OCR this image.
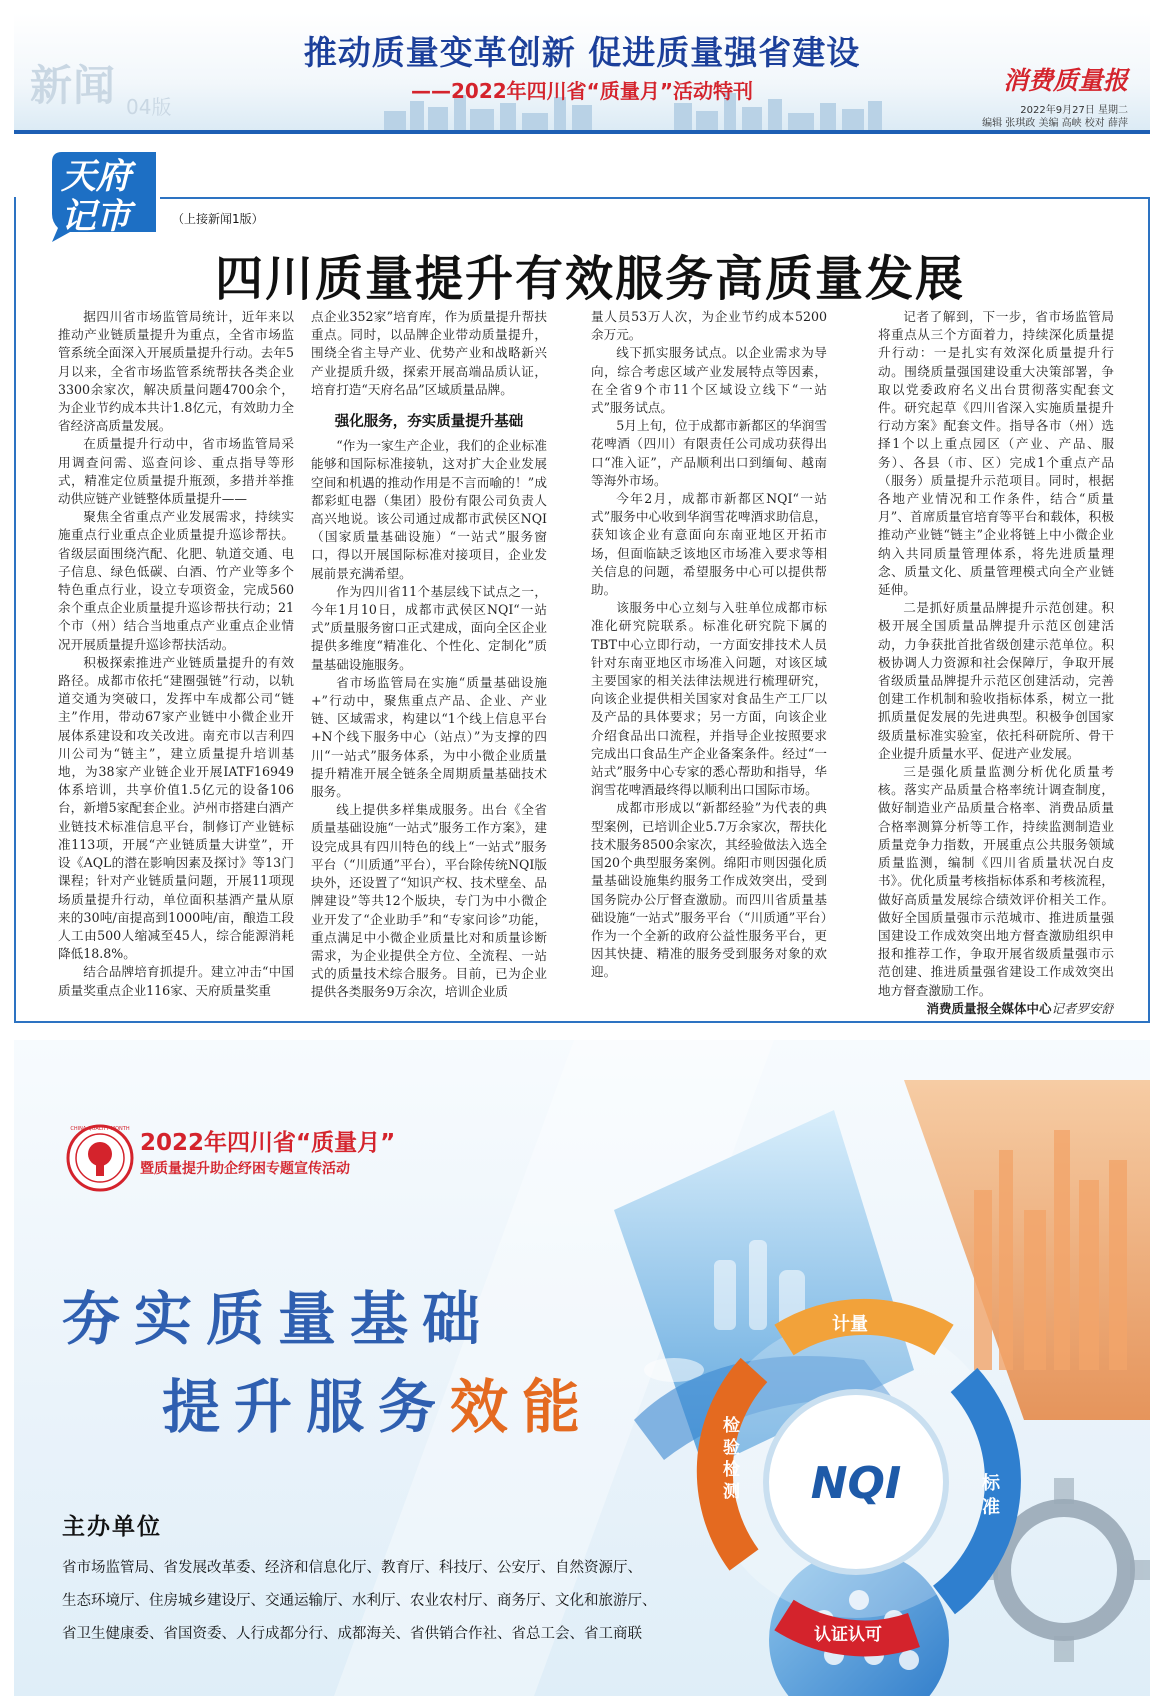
新闻 04版
推动质量变革创新 促进质量强省建设
——2022年四川省“质量月”活动特刊	消费质量报
2022年9月27日 星期二
编辑 张琪政 美编 高峡 校对 薛萍
天府
记市	（上接新闻1版）
四川质量提升有效服务高质量发展

据四川省市场监管局统计，近年来以推动产业链质量提升为重点，全省市场监管系统全面深入开展质量提升行动。去年5月以来，全省市场监管系统帮扶各类企业3300余家次，解决质量问题4700余个，为企业节约成本共计1.8亿元，有效助力全省经济高质量发展。

在质量提升行动中，省市场监管局采用调查问需、巡查问诊、重点指导等形式，精准定位质量提升瓶颈，多措并举推动供应链产业链整体质量提升——

聚焦全省重点产业发展需求，持续实施重点行业重点企业质量提升巡诊帮扶。省级层面围绕汽配、化肥、轨道交通、电子信息、绿色低碳、白酒、竹产业等多个特色重点行业，设立专项资金，完成560余个重点企业质量提升巡诊帮扶行动；21个市（州）结合当地重点产业重点企业情况开展质量提升巡诊帮扶活动。

积极探索推进产业链质量提升的有效路径。成都市依托“建圈强链”行动，以轨道交通为突破口，发挥中车成都公司“链主”作用，带动67家产业链中小微企业开展体系建设和攻关改进。南充市以吉利四川公司为“链主”，建立质量提升培训基地，为38家产业链企业开展IATF16949体系培训，共享价值1.5亿元的设备106台，新增5家配套企业。泸州市搭建白酒产业链技术标准信息平台，制修订产业链标准113项，开展“产业链质量大讲堂”，开设《AQL的潜在影响因素及探讨》等13门课程；针对产业链质量问题，开展11项现场质量提升行动，单位面积基酒产量从原来的30吨/亩提高到1000吨/亩，酿造工段人工由500人缩减至45人，综合能源消耗降低18.8%。

结合品牌培育抓提升。建立冲击“中国质量奖重点企业116家、天府质量奖重

点企业352家”培育库，作为质量提升帮扶重点。同时，以品牌企业带动质量提升，围绕全省主导产业、优势产业和战略新兴产业提质升级，探索开展高端品质认证，培育打造“天府名品”区域质量品牌。

强化服务，夯实质量提升基础

“作为一家生产企业，我们的企业标准能够和国际标准接轨，这对扩大企业发展空间和机遇的推动作用是不言而喻的！”成都彩虹电器（集团）股份有限公司负责人高兴地说。该公司通过成都市武侯区NQI（国家质量基础设施）“一站式”服务窗口，得以开展国际标准对接项目，企业发展前景充满希望。

作为四川省11个基层线下试点之一，今年1月10日，成都市武侯区NQI“一站式”质量服务窗口正式建成，面向全区企业提供多维度“精准化、个性化、定制化”质量基础设施服务。

省市场监管局在实施“质量基础设施+”行动中，聚焦重点产品、企业、产业链、区域需求，构建以“1个线上信息平台+N个线下服务中心（站点）”为支撑的四川“一站式”服务体系，为中小微企业质量提升精准开展全链条全周期质量基础技术服务。

线上提供多样集成服务。出台《全省质量基础设施“一站式”服务工作方案》，建设完成具有四川特色的线上“一站式”服务平台（“川质通”平台），平台除传统NQI版块外，还设置了“知识产权、技术壁垒、品牌建设”等共12个版块，专门为中小微企业开发了“企业助手”和“专家问诊”功能，重点满足中小微企业质量比对和质量诊断需求，为企业提供全方位、全流程、一站式的质量技术综合服务。目前，已为企业提供各类服务9万余次，培训企业质

量人员53万人次，为企业节约成本5200余万元。

线下抓实服务试点。以企业需求为导向，综合考虑区域产业发展特点等因素，在全省9个市11个区域设立线下“一站式”服务试点。

5月上旬，位于成都市新都区的华润雪花啤酒（四川）有限责任公司成功获得出口“准入证”，产品顺利出口到缅甸、越南等海外市场。

今年2月，成都市新都区NQI“一站式”服务中心收到华润雪花啤酒求助信息，获知该企业有意面向东南亚地区开拓市场，但面临缺乏该地区市场准入要求等相关信息的问题，希望服务中心可以提供帮助。

该服务中心立刻与入驻单位成都市标准化研究院联系。标准化研究院下属的TBT中心立即行动，一方面安排技术人员针对东南亚地区市场准入问题，对该区域主要国家的相关法律法规进行梳理研究，向该企业提供相关国家对食品生产工厂以及产品的具体要求；另一方面，向该企业介绍食品出口流程，并指导企业按照要求完成出口食品生产企业备案条件。经过“一站式”服务中心专家的悉心帮助和指导，华润雪花啤酒最终得以顺利出口国际市场。

成都市形成以“新都经验”为代表的典型案例，已培训企业5.7万余家次，帮扶化技术服务8500余家次，其经验做法入选全国20个典型服务案例。绵阳市则因强化质量基础设施集约服务工作成效突出，受到国务院办公厅督查激励。而四川省质量基础设施“一站式”服务平台（“川质通”平台）作为一个全新的政府公益性服务平台，更因其快捷、精准的服务受到服务对象的欢迎。

记者了解到，下一步，省市场监管局将重点从三个方面着力，持续深化质量提升行动：一是扎实有效深化质量提升行动。围绕质量强国建设重大决策部署，争取以党委政府名义出台贯彻落实配套文件。研究起草《四川省深入实施质量提升行动方案》配套文件。指导各市（州）选择1个以上重点园区（产业、产品、服务）、各县（市、区）完成1个重点产品（服务）质量提升示范项目。同时，根据各地产业情况和工作条件，结合“质量月”、首席质量官培育等平台和载体，积极推动产业链“链主”企业将链上中小微企业纳入共同质量管理体系，将先进质量理念、质量文化、质量管理模式向全产业链延伸。

二是抓好质量品牌提升示范创建。积极开展全国质量品牌提升示范区创建活动，力争获批首批省级创建示范单位。积极协调人力资源和社会保障厅，争取开展省级质量品牌提升示范区创建活动，完善创建工作机制和验收指标体系，树立一批抓质量促发展的先进典型。积极争创国家级质量标准实验室，依托科研院所、骨干企业提升质量水平、促进产业发展。

三是强化质量监测分析优化质量考核。落实产品质量合格率统计调查制度，做好制造业产品质量合格率、消费品质量合格率测算分析等工作，持续监测制造业质量竞争力指数，开展重点公共服务领域质量监测，编制《四川省质量状况白皮书》。优化质量考核指标体系和考核流程，做好高质量发展综合绩效评价相关工作。做好全国质量强市示范城市、推进质量强国建设工作成效突出地方督查激励组织申报和推荐工作，争取开展省级质量强市示范创建、推进质量强省建设工作成效突出地方督查激励工作。

消费质量报全媒体中心记者罗安舒

计量
标准
认证认可
检验检测	NQI
CHINA QUALITY MONTH
2022年四川省“质量月”
暨质量提升助企纾困专题宣传活动
夯实质量基础
提升服务效能
主办单位
省市场监管局、省发展改革委、经济和信息化厅、教育厅、科技厅、公安厅、自然资源厅、
生态环境厅、住房城乡建设厅、交通运输厅、水利厅、农业农村厅、商务厅、文化和旅游厅、
省卫生健康委、省国资委、人行成都分行、成都海关、省供销合作社、省总工会、省工商联
